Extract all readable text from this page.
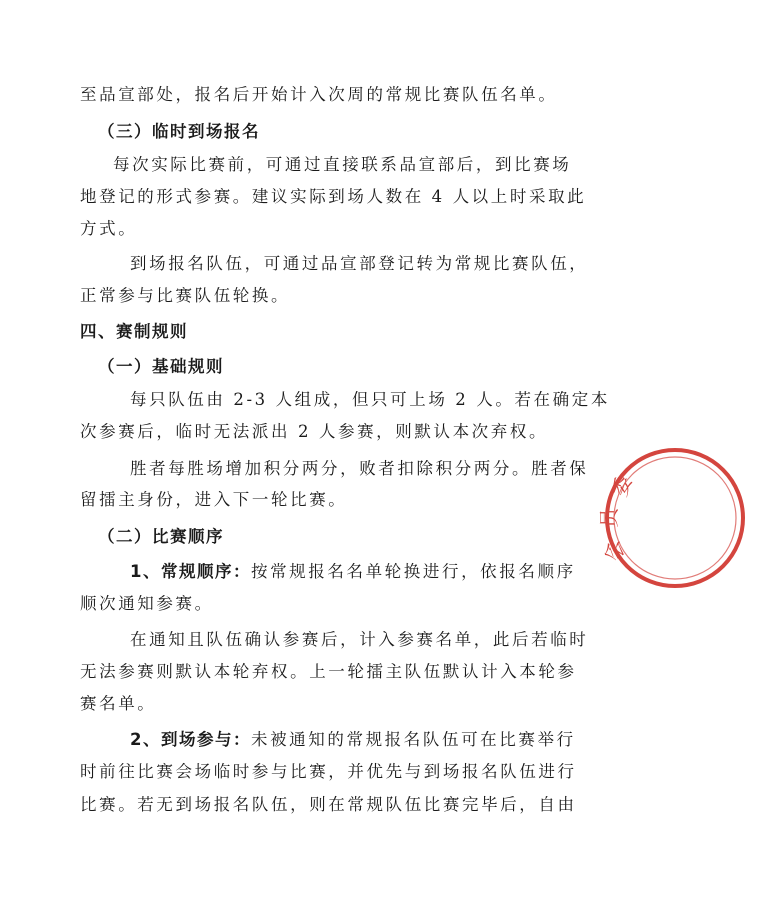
至品宣部处，报名后开始计入次周的常规比赛队伍名单。
（三）临时到场报名
每次实际比赛前，可通过直接联系品宣部后，到比赛场
地登记的形式参赛。建议实际到场人数在 4 人以上时采取此
方式。
到场报名队伍，可通过品宣部登记转为常规比赛队伍，
正常参与比赛队伍轮换。
四、赛制规则
（一）基础规则
每只队伍由 2-3 人组成，但只可上场 2 人。若在确定本
次参赛后，临时无法派出 2 人参赛，则默认本次弃权。
胜者每胜场增加积分两分，败者扣除积分两分。胜者保
留擂主身份，进入下一轮比赛。
（二）比赛顺序
1、常规顺序：按常规报名名单轮换进行，依报名顺序
顺次通知参赛。
在通知且队伍确认参赛后，计入参赛名单，此后若临时
无法参赛则默认本轮弃权。上一轮擂主队伍默认计入本轮参
赛名单。
2、到场参与：未被通知的常规报名队伍可在比赛举行
时前往比赛会场临时参与比赛，并优先与到场报名队伍进行
比赛。若无到场报名队伍，则在常规队伍比赛完毕后，自由
委
员
会
